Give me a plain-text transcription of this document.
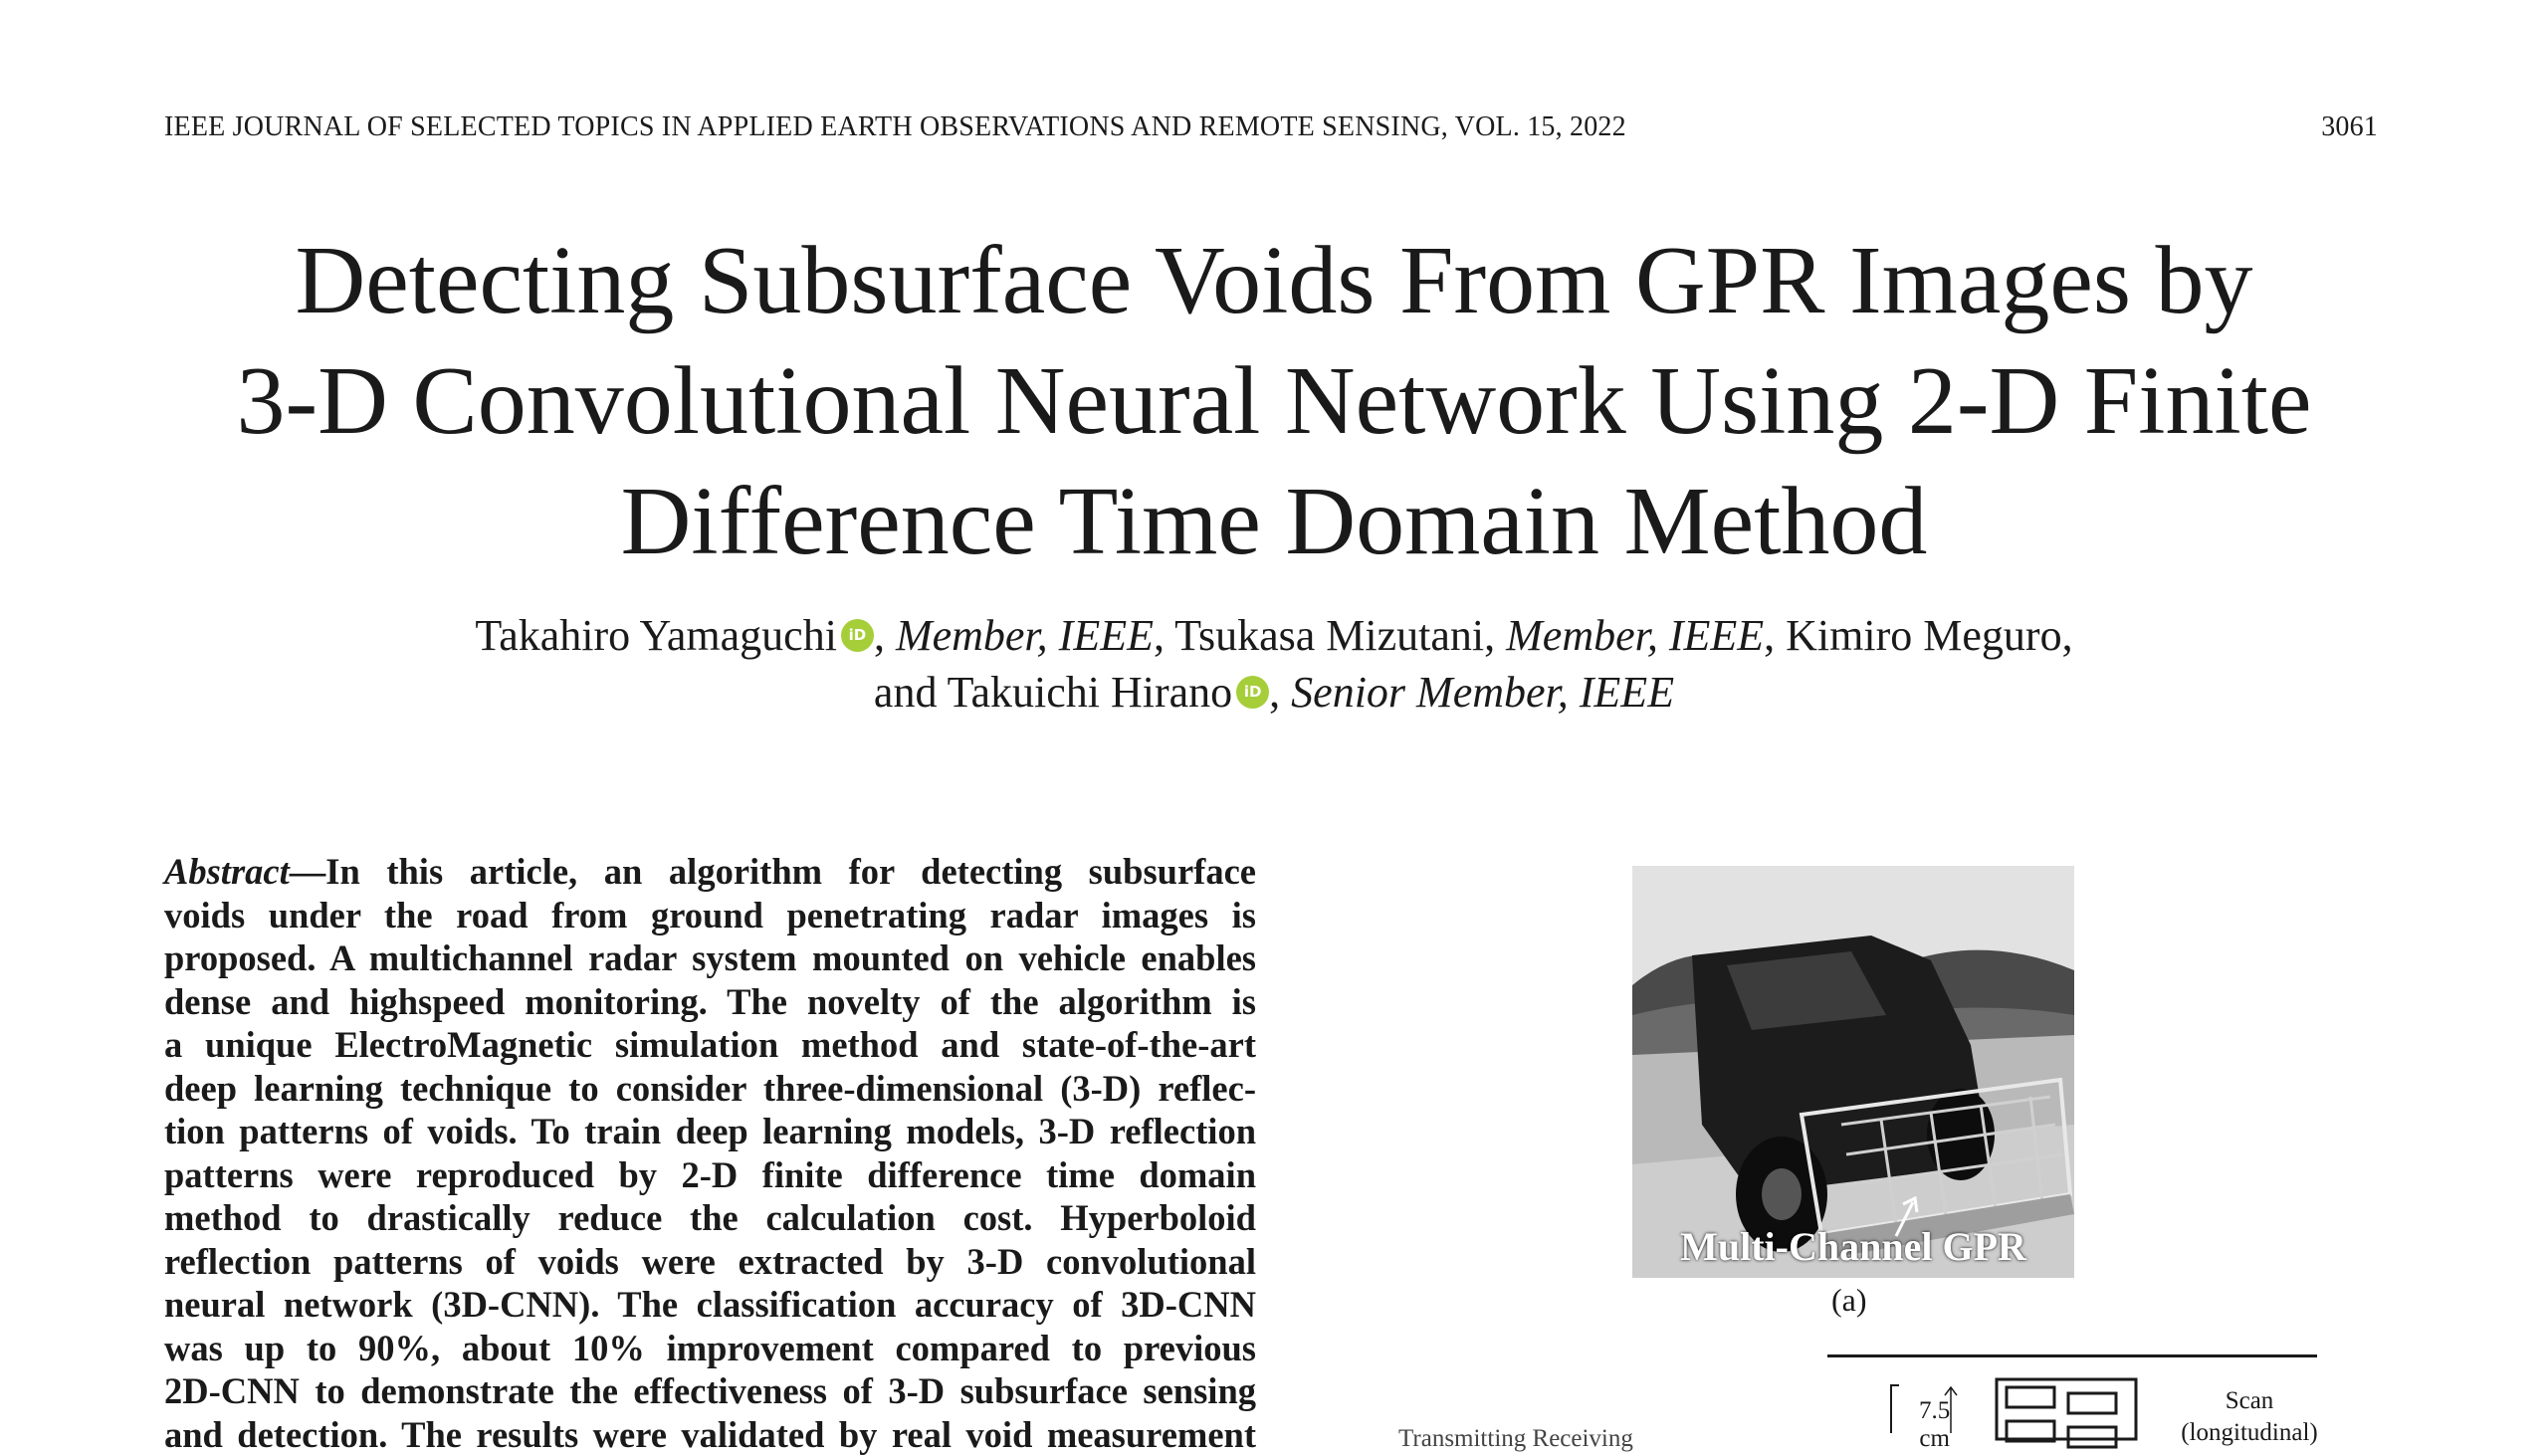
IEEE JOURNAL OF SELECTED TOPICS IN APPLIED EARTH OBSERVATIONS AND REMOTE SENSING, VOL. 15, 2022	3061
Detecting Subsurface Voids From GPR Images by
3-D Convolutional Neural Network Using 2-D Finite
Difference Time Domain Method
Takahiro Yamaguchi iD , Member, IEEE, Tsukasa Mizutani, Member, IEEE, Kimiro Meguro,
and Takuichi Hirano iD , Senior Member, IEEE
Abstract—In this article, an algorithm for detecting subsurface
voids under the road from ground penetrating radar images is
proposed. A multichannel radar system mounted on vehicle enables
dense and highspeed monitoring. The novelty of the algorithm is
a unique ElectroMagnetic simulation method and state-of-the-art
deep learning technique to consider three-dimensional (3-D) reflec-
tion patterns of voids. To train deep learning models, 3-D reflection
patterns were reproduced by 2-D finite difference time domain
method to drastically reduce the calculation cost. Hyperboloid
reflection patterns of voids were extracted by 3-D convolutional
neural network (3D-CNN). The classification accuracy of 3D-CNN
was up to 90%, about 10% improvement compared to previous
2D-CNN to demonstrate the effectiveness of 3-D subsurface sensing
and detection. The results were validated by real void measurement
Multi-Channel GPR
(a)
7.5
cm
Scan
(longitudinal)
Transmitting Receiving
